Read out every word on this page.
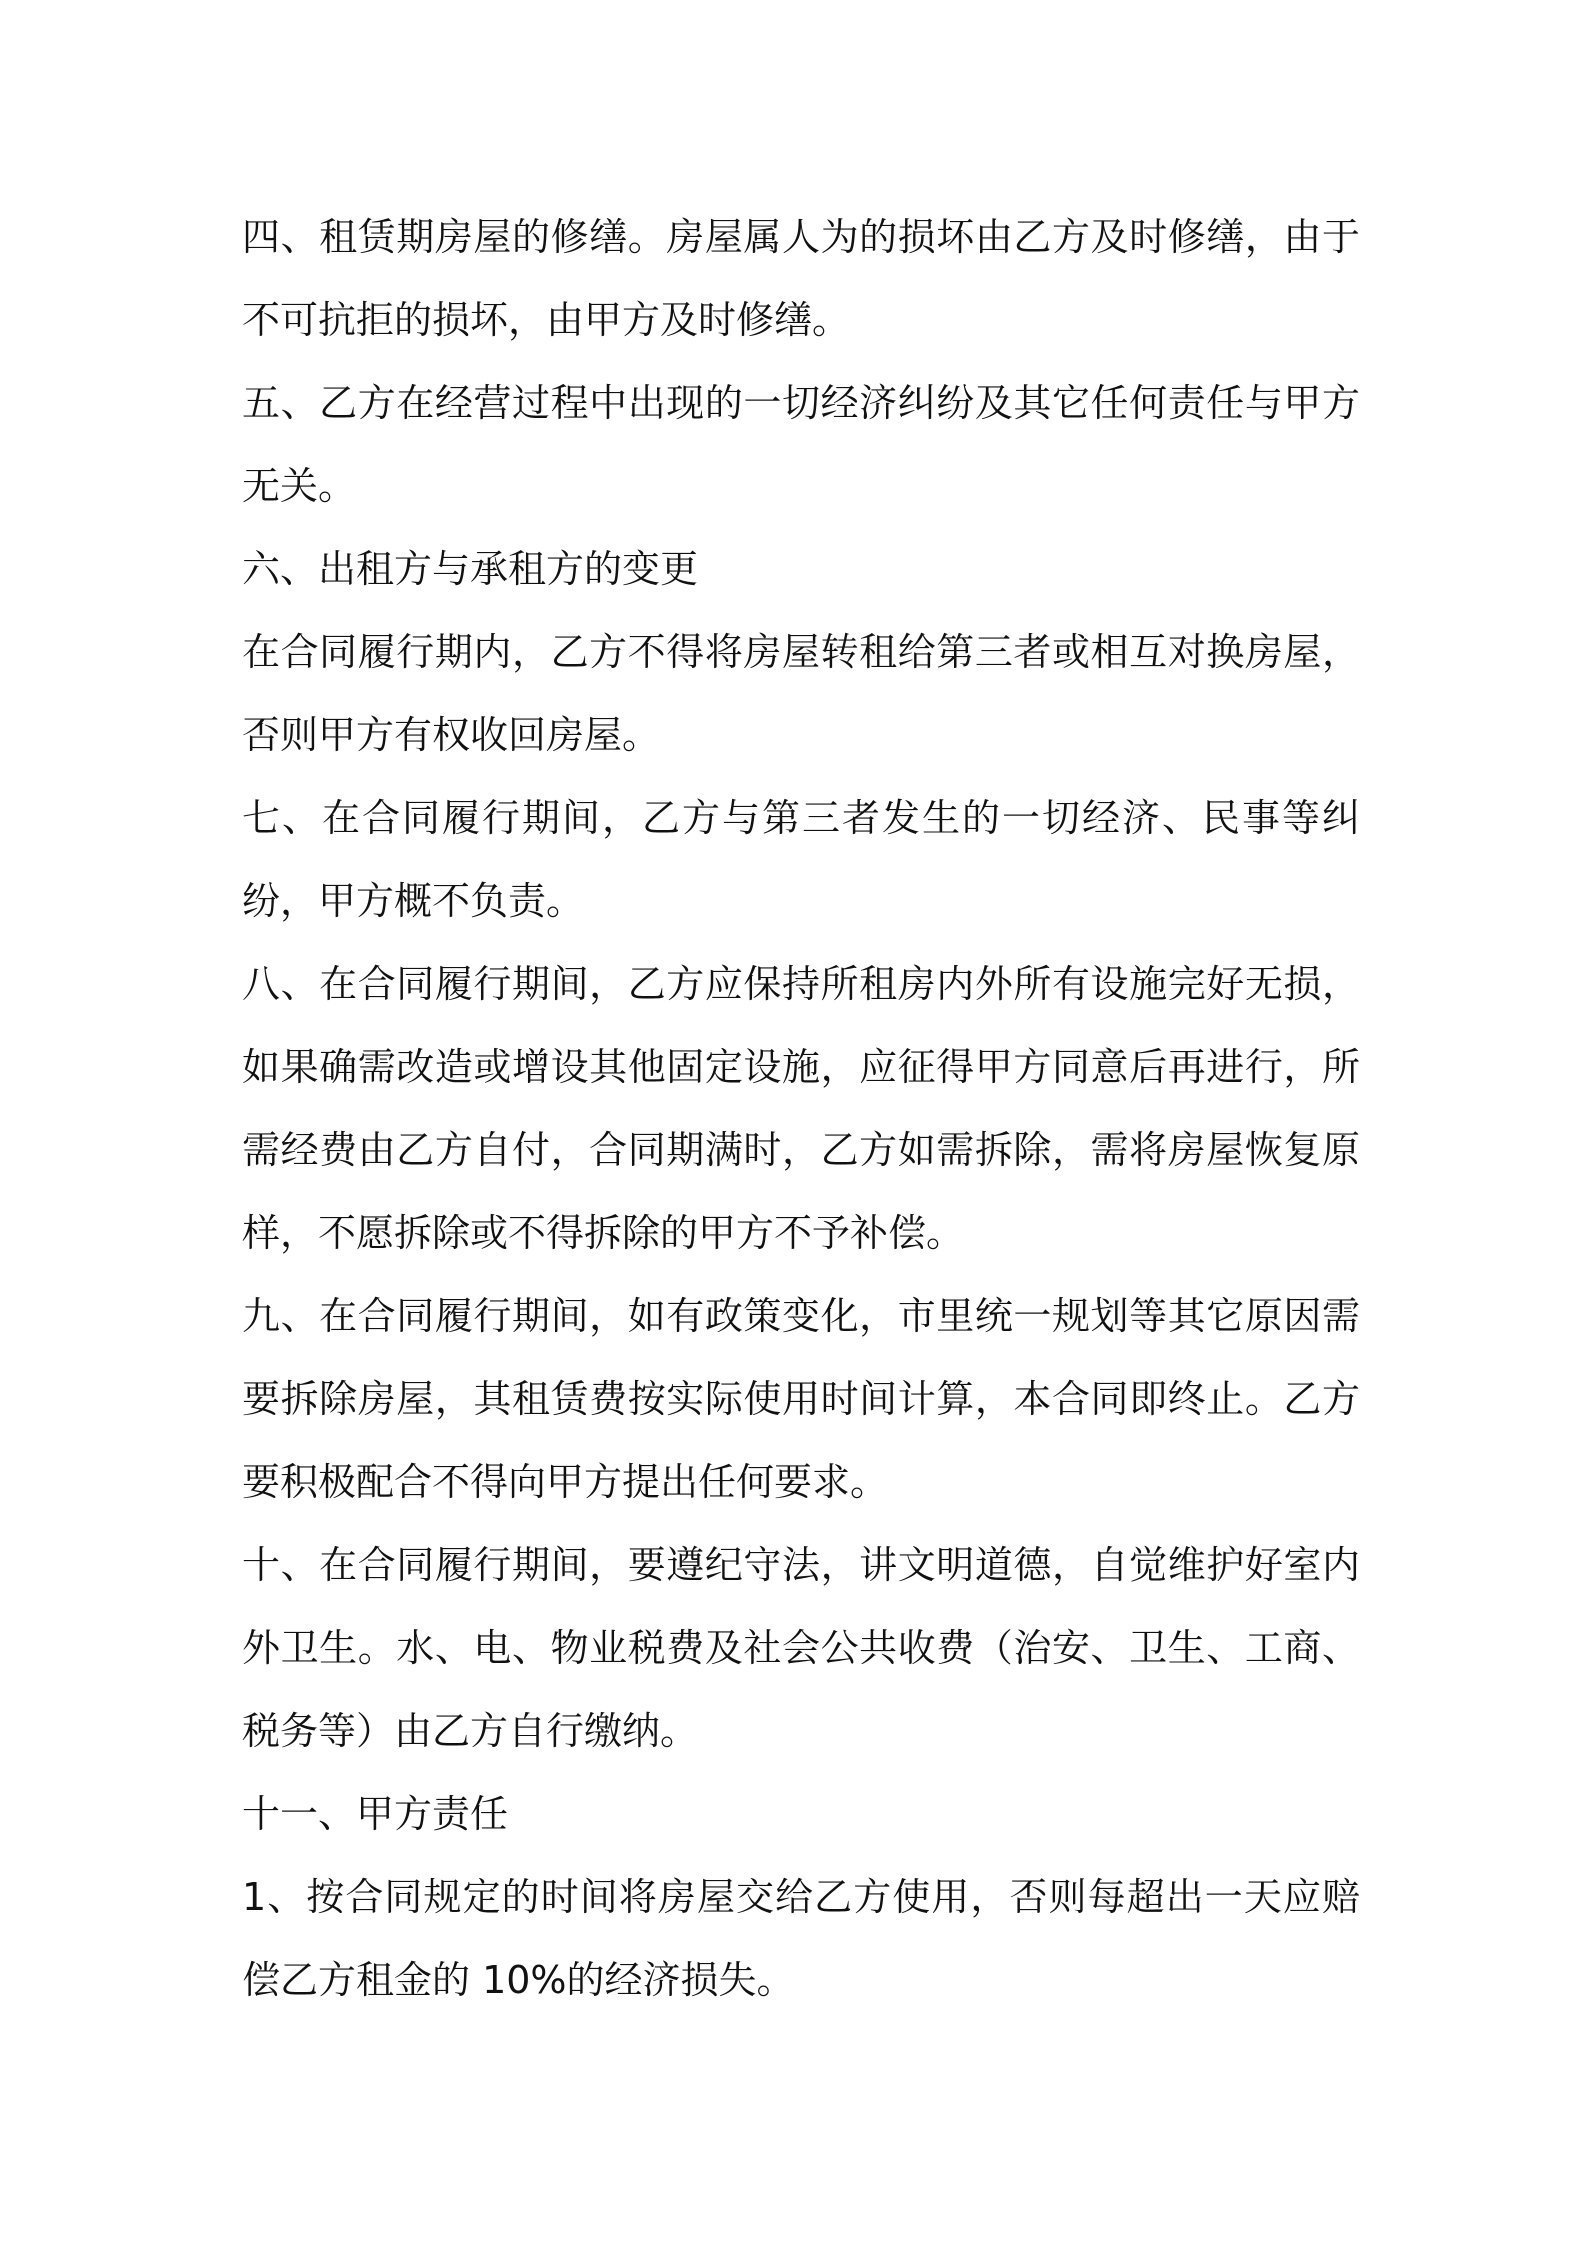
四、租赁期房屋的修缮。房屋属人为的损坏由乙方及时修缮，由于不可抗拒的损坏，由甲方及时修缮。

五、乙方在经营过程中出现的一切经济纠纷及其它任何责任与甲方无关。

六、出租方与承租方的变更

在合同履行期内，乙方不得将房屋转租给第三者或相互对换房屋，否则甲方有权收回房屋。

七、在合同履行期间，乙方与第三者发生的一切经济、民事等纠纷，甲方概不负责。

八、在合同履行期间，乙方应保持所租房内外所有设施完好无损，如果确需改造或增设其他固定设施，应征得甲方同意后再进行，所需经费由乙方自付，合同期满时，乙方如需拆除，需将房屋恢复原样，不愿拆除或不得拆除的甲方不予补偿。

九、在合同履行期间，如有政策变化，市里统一规划等其它原因需要拆除房屋，其租赁费按实际使用时间计算，本合同即终止。乙方要积极配合不得向甲方提出任何要求。

十、在合同履行期间，要遵纪守法，讲文明道德，自觉维护好室内外卫生。水、电、物业税费及社会公共收费（治安、卫生、工商、税务等）由乙方自行缴纳。

十一、甲方责任

1、按合同规定的时间将房屋交给乙方使用，否则每超出一天应赔偿乙方租金的 10%的经济损失。
